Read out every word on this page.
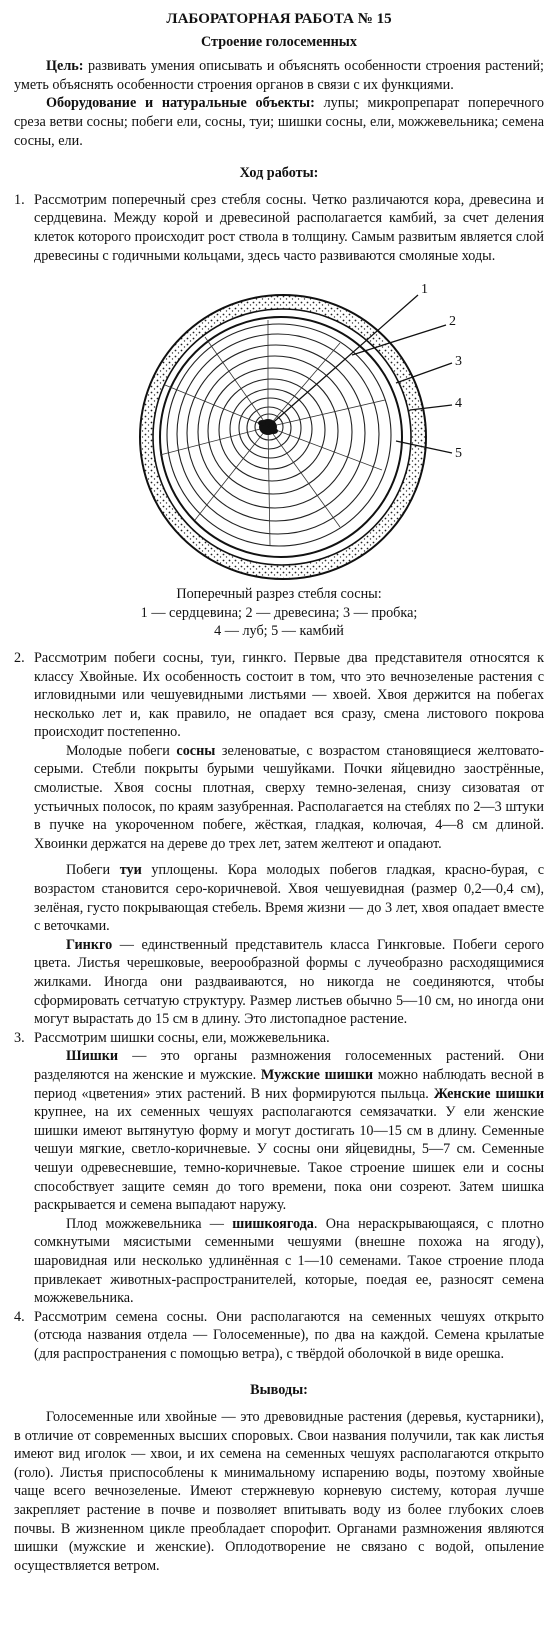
ЛАБОРАТОРНАЯ РАБОТА № 15

Строение голосеменных

Цель: развивать умения описывать и объяснять особенности строения растений; уметь объяснять особенности строения органов в связи с их функциями.

Оборудование и натуральные объекты: лупы; микропрепарат поперечного среза ветви сосны; побеги ели, сосны, туи; шишки сосны, ели, можжевельника; семена сосны, ели.

Ход работы:

1. Рассмотрим поперечный срез стебля сосны. Четко различаются кора, древесина и сердцевина. Между корой и древесиной располагается камбий, за счет деления клеток которого происходит рост ствола в толщину. Самым развитым является слой древесины с годичными кольцами, здесь часто развиваются смоляные ходы.

1
2
3
4
5

Поперечный разрез стебля сосны:
1 — сердцевина; 2 — древесина; 3 — пробка;
4 — луб; 5 — камбий

2. Рассмотрим побеги сосны, туи, гинкго. Первые два представителя относятся к классу Хвойные. Их особенность состоит в том, что это вечнозеленые растения с игловидными или чешуевидными листьями — хвоей. Хвоя держится на побегах несколько лет и, как правило, не опадает вся сразу, смена листового покрова происходит постепенно.

Молодые побеги сосны зеленоватые, с возрастом становящиеся желтовато-серыми. Стебли покрыты бурыми чешуйками. Почки яйцевидно заострённые, смолистые. Хвоя сосны плотная, сверху темно-зеленая, снизу сизоватая от устьичных полосок, по краям зазубренная. Располагается на стеблях по 2—3 штуки в пучке на укороченном побеге, жёсткая, гладкая, колючая, 4—8 см длиной. Хвоинки держатся на дереве до трех лет, затем желтеют и опадают.

Побеги туи уплощены. Кора молодых побегов гладкая, красно-бурая, с возрастом становится серо-коричневой. Хвоя чешуевидная (размер 0,2—0,4 см), зелёная, густо покрывающая стебель. Время жизни — до 3 лет, хвоя опадает вместе с веточками.

Гинкго — единственный представитель класса Гинкговые. Побеги серого цвета. Листья черешковые, веерообразной формы с лучеобразно расходящимися жилками. Иногда они раздваиваются, но никогда не соединяются, чтобы сформировать сетчатую структуру. Размер листьев обычно 5—10 см, но иногда они могут вырастать до 15 см в длину. Это листопадное растение.

3. Рассмотрим шишки сосны, ели, можжевельника.

Шишки — это органы размножения голосеменных растений. Они разделяются на женские и мужские. Мужские шишки можно наблюдать весной в период «цветения» этих растений. В них формируются пыльца. Женские шишки крупнее, на их семенных чешуях располагаются семязачатки. У ели женские шишки имеют вытянутую форму и могут достигать 10—15 см в длину. Семенные чешуи мягкие, светло-коричневые. У сосны они яйцевидны, 5—7 см. Семенные чешуи одревесневшие, темно-коричневые. Такое строение шишек ели и сосны способствует защите семян до того времени, пока они созреют. Затем шишка раскрывается и семена выпадают наружу.

Плод можжевельника — шишкоягода. Она нераскрывающаяся, с плотно сомкнутыми мясистыми семенными чешуями (внешне похожа на ягоду), шаровидная или несколько удлинённая с 1—10 семенами. Такое строение плода привлекает животных-распространителей, которые, поедая ее, разносят семена можжевельника.

4. Рассмотрим семена сосны. Они располагаются на семенных чешуях открыто (отсюда названия отдела — Голосеменные), по два на каждой. Семена крылатые (для распространения с помощью ветра), с твёрдой оболочкой в виде орешка.

Выводы:

Голосеменные или хвойные — это древовидные растения (деревья, кустарники), в отличие от современных высших споровых. Свои названия получили, так как листья имеют вид иголок — хвои, и их семена на семенных чешуях располагаются открыто (голо). Листья приспособлены к минимальному испарению воды, поэтому хвойные чаще всего вечнозеленые. Имеют стержневую корневую систему, которая лучше закрепляет растение в почве и позволяет впитывать воду из более глубоких слоев почвы. В жизненном цикле преобладает спорофит. Органами размножения являются шишки (мужские и женские). Оплодотворение не связано с водой, опыление осуществляется ветром.
